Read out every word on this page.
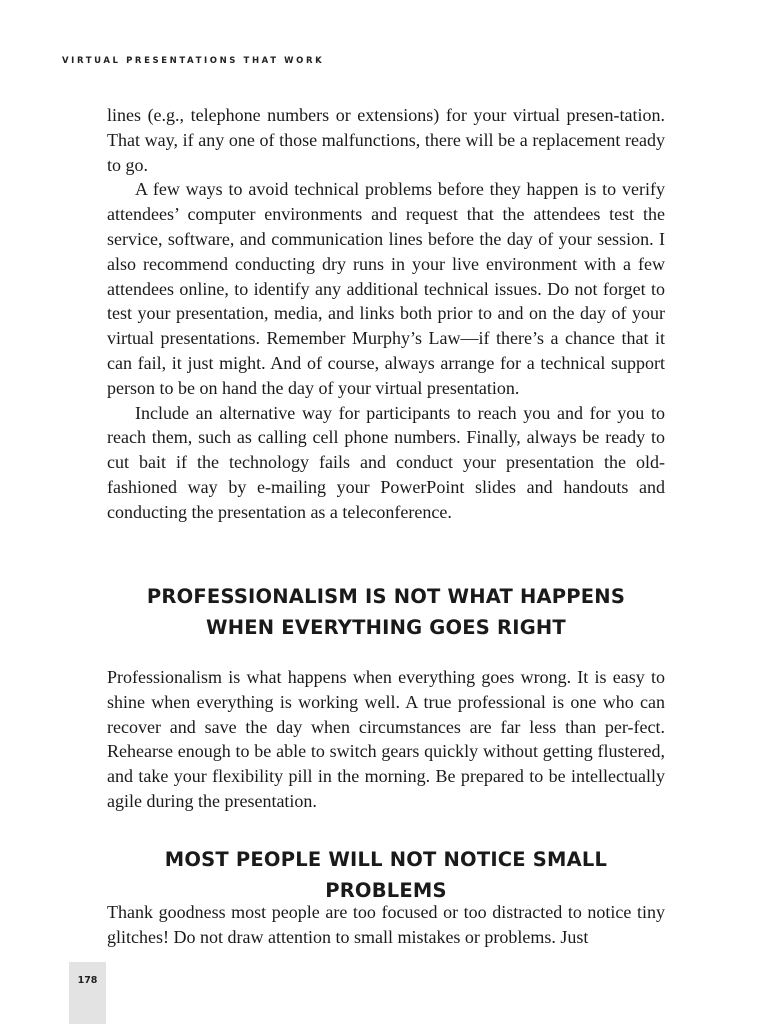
VIRTUAL PRESENTATIONS THAT WORK

lines (e.g., telephone numbers or extensions) for your virtual presen-tation. That way, if any one of those malfunctions, there will be a replacement ready to go.

A few ways to avoid technical problems before they happen is to verify attendees’ computer environments and request that the attendees test the service, software, and communication lines before the day of your session. I also recommend conducting dry runs in your live environment with a few attendees online, to identify any additional technical issues. Do not forget to test your presentation, media, and links both prior to and on the day of your virtual presentations. Remember Murphy’s Law—if there’s a chance that it can fail, it just might. And of course, always arrange for a technical support person to be on hand the day of your virtual presentation.

Include an alternative way for participants to reach you and for you to reach them, such as calling cell phone numbers. Finally, always be ready to cut bait if the technology fails and conduct your presentation the old-fashioned way by e-mailing your PowerPoint slides and handouts and conducting the presentation as a teleconference.

PROFESSIONALISM IS NOT WHAT HAPPENS
WHEN EVERYTHING GOES RIGHT

Professionalism is what happens when everything goes wrong. It is easy to shine when everything is working well. A true professional is one who can recover and save the day when circumstances are far less than per-fect. Rehearse enough to be able to switch gears quickly without getting flustered, and take your flexibility pill in the morning. Be prepared to be intellectually agile during the presentation.

MOST PEOPLE WILL NOT NOTICE SMALL PROBLEMS

Thank goodness most people are too focused or too distracted to notice tiny glitches! Do not draw attention to small mistakes or problems. Just

178
